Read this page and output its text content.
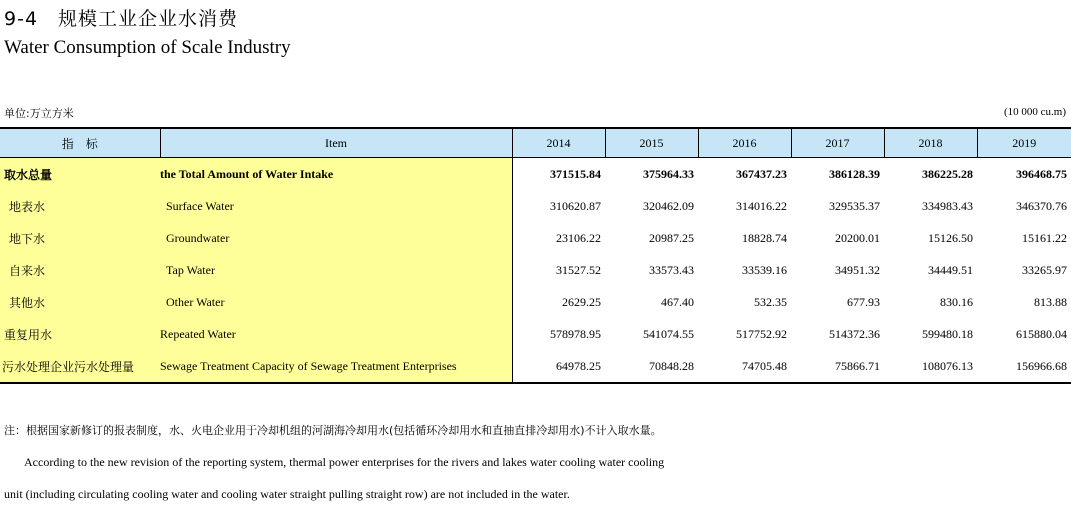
9-4　规模工业企业水消费
Water Consumption of Scale Industry
单位:万立方米	(10 000 cu.m)
指　标	Item	2014	2015	2016	2017	2018	2019
取水总量	the Total Amount of Water Intake	371515.84	375964.33	367437.23	386128.39	386225.28	396468.75
地表水	Surface Water	310620.87	320462.09	314016.22	329535.37	334983.43	346370.76
地下水	Groundwater	23106.22	20987.25	18828.74	20200.01	15126.50	15161.22
自来水	Tap Water	31527.52	33573.43	33539.16	34951.32	34449.51	33265.97
其他水	Other Water	2629.25	467.40	532.35	677.93	830.16	813.88
重复用水	Repeated Water	578978.95	541074.55	517752.92	514372.36	599480.18	615880.04
污水处理企业污水处理量	Sewage Treatment Capacity of Sewage Treatment Enterprises	64978.25	70848.28	74705.48	75866.71	108076.13	156966.68
注：根据国家新修订的报表制度，水、火电企业用于冷却机组的河湖海冷却用水(包括循环冷却用水和直抽直排冷却用水)不计入取水量。
According to the new revision of the reporting system, thermal power enterprises for the rivers and lakes water cooling water cooling
unit (including circulating cooling water and cooling water straight pulling straight row) are not included in the water.
